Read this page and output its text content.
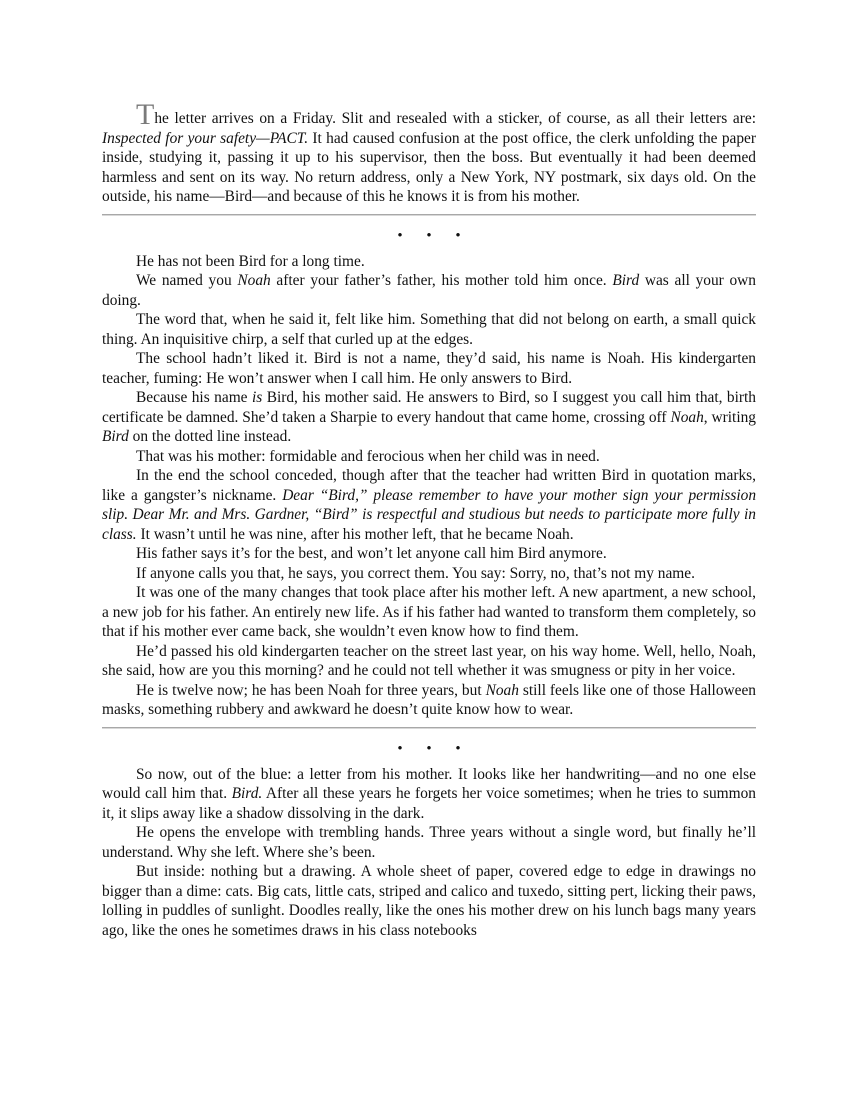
The letter arrives on a Friday. Slit and resealed with a sticker, of course, as all their letters are: Inspected for your safety—PACT. It had caused confusion at the post office, the clerk unfolding the paper inside, studying it, passing it up to his supervisor, then the boss. But eventually it had been deemed harmless and sent on its way. No return address, only a New York, NY postmark, six days old. On the outside, his name—Bird—and because of this he knows it is from his mother.

• • •

He has not been Bird for a long time.

We named you Noah after your father’s father, his mother told him once. Bird was all your own doing.

The word that, when he said it, felt like him. Something that did not belong on earth, a small quick thing. An inquisitive chirp, a self that curled up at the edges.

The school hadn’t liked it. Bird is not a name, they’d said, his name is Noah. His kindergarten teacher, fuming: He won’t answer when I call him. He only answers to Bird.

Because his name is Bird, his mother said. He answers to Bird, so I suggest you call him that, birth certificate be damned. She’d taken a Sharpie to every handout that came home, crossing off Noah, writing Bird on the dotted line instead.

That was his mother: formidable and ferocious when her child was in need.

In the end the school conceded, though after that the teacher had written Bird in quotation marks, like a gangster’s nickname. Dear “Bird,” please remember to have your mother sign your permission slip. Dear Mr. and Mrs. Gardner, “Bird” is respectful and studious but needs to participate more fully in class. It wasn’t until he was nine, after his mother left, that he became Noah.

His father says it’s for the best, and won’t let anyone call him Bird anymore.

If anyone calls you that, he says, you correct them. You say: Sorry, no, that’s not my name.

It was one of the many changes that took place after his mother left. A new apartment, a new school, a new job for his father. An entirely new life. As if his father had wanted to transform them completely, so that if his mother ever came back, she wouldn’t even know how to find them.

He’d passed his old kindergarten teacher on the street last year, on his way home. Well, hello, Noah, she said, how are you this morning? and he could not tell whether it was smugness or pity in her voice.

He is twelve now; he has been Noah for three years, but Noah still feels like one of those Halloween masks, something rubbery and awkward he doesn’t quite know how to wear.

• • •

So now, out of the blue: a letter from his mother. It looks like her handwriting—and no one else would call him that. Bird. After all these years he forgets her voice sometimes; when he tries to summon it, it slips away like a shadow dissolving in the dark.

He opens the envelope with trembling hands. Three years without a single word, but finally he’ll understand. Why she left. Where she’s been.

But inside: nothing but a drawing. A whole sheet of paper, covered edge to edge in drawings no bigger than a dime: cats. Big cats, little cats, striped and calico and tuxedo, sitting pert, licking their paws, lolling in puddles of sunlight. Doodles really, like the ones his mother drew on his lunch bags many years ago, like the ones he sometimes draws in his class notebooks
